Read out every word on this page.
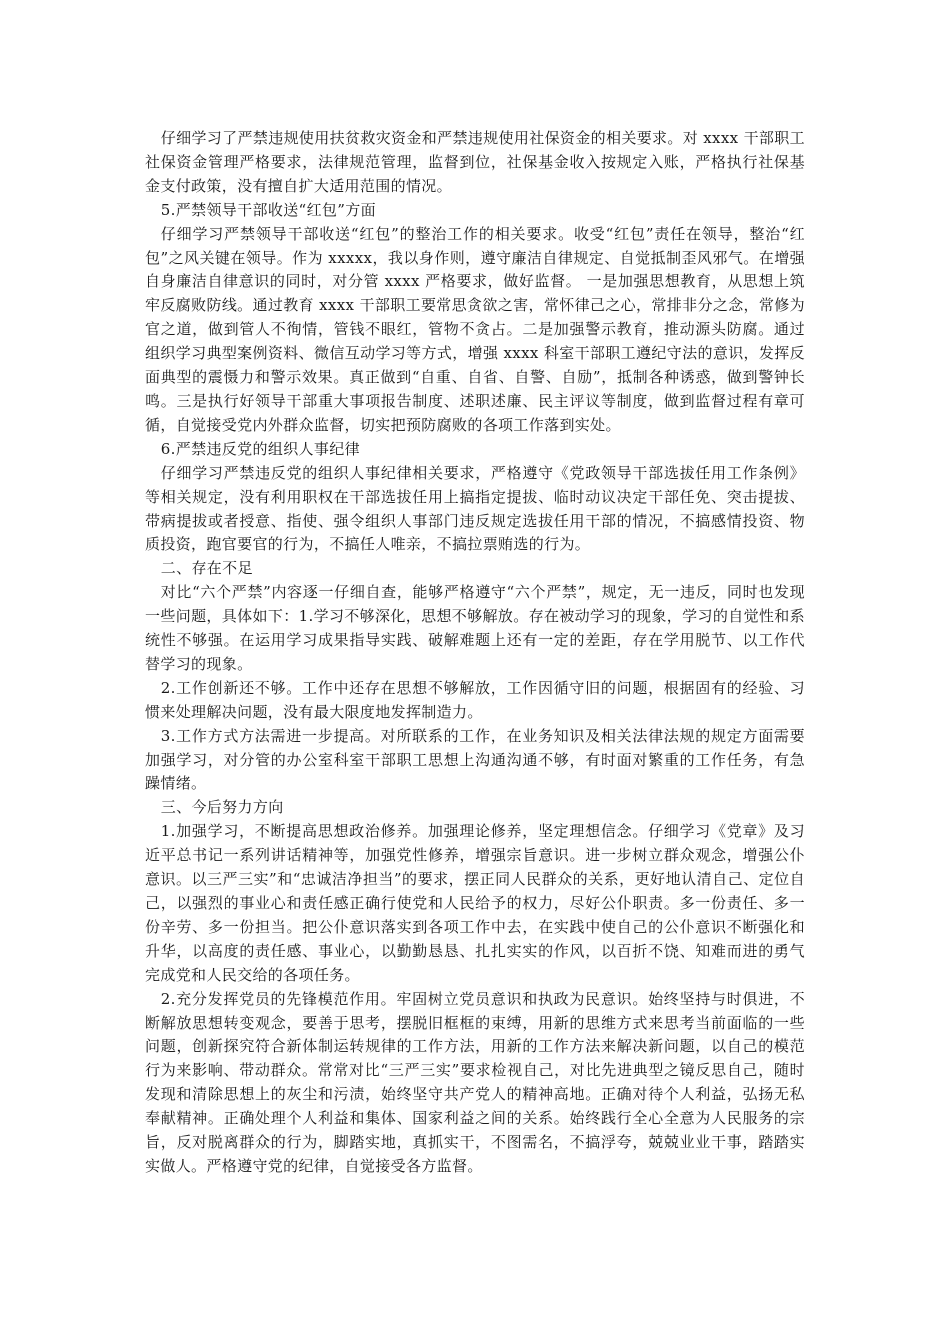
仔细学习了严禁违规使用扶贫救灾资金和严禁违规使用社保资金的相关要求。对 xxxx 干部职工社保资金管理严格要求，法律规范管理，监督到位，社保基金收入按规定入账，严格执行社保基金支付政策，没有擅自扩大适用范围的情况。

5.严禁领导干部收送“红包”方面

仔细学习严禁领导干部收送“红包”的整治工作的相关要求。收受“红包”责任在领导，整治“红包”之风关键在领导。作为 xxxxx，我以身作则，遵守廉洁自律规定、自觉抵制歪风邪气。在增强自身廉洁自律意识的同时，对分管 xxxx 严格要求，做好监督。 一是加强思想教育，从思想上筑牢反腐败防线。通过教育 xxxx 干部职工要常思贪欲之害，常怀律己之心，常排非分之念，常修为官之道，做到管人不徇情，管钱不眼红，管物不贪占。二是加强警示教育，推动源头防腐。通过组织学习典型案例资料、微信互动学习等方式，增强 xxxx 科室干部职工遵纪守法的意识，发挥反面典型的震慑力和警示效果。真正做到“自重、自省、自警、自励”，抵制各种诱惑，做到警钟长鸣。三是执行好领导干部重大事项报告制度、述职述廉、民主评议等制度，做到监督过程有章可循，自觉接受党内外群众监督，切实把预防腐败的各项工作落到实处。

6.严禁违反党的组织人事纪律

仔细学习严禁违反党的组织人事纪律相关要求，严格遵守《党政领导干部选拔任用工作条例》等相关规定，没有利用职权在干部选拔任用上搞指定提拔、临时动议决定干部任免、突击提拔、带病提拔或者授意、指使、强令组织人事部门违反规定选拔任用干部的情况，不搞感情投资、物质投资，跑官要官的行为，不搞任人唯亲，不搞拉票贿选的行为。

二、存在不足

对比“六个严禁”内容逐一仔细自查，能够严格遵守“六个严禁”，规定，无一违反，同时也发现一些问题，具体如下：1.学习不够深化，思想不够解放。存在被动学习的现象，学习的自觉性和系统性不够强。在运用学习成果指导实践、破解难题上还有一定的差距，存在学用脱节、以工作代替学习的现象。

2.工作创新还不够。工作中还存在思想不够解放，工作因循守旧的问题，根据固有的经验、习惯来处理解决问题，没有最大限度地发挥制造力。

3.工作方式方法需进一步提高。对所联系的工作，在业务知识及相关法律法规的规定方面需要加强学习，对分管的办公室科室干部职工思想上沟通沟通不够，有时面对繁重的工作任务，有急躁情绪。

三、今后努力方向

1.加强学习，不断提高思想政治修养。加强理论修养，坚定理想信念。仔细学习《党章》及习近平总书记一系列讲话精神等，加强党性修养，增强宗旨意识。进一步树立群众观念，增强公仆意识。以三严三实”和“忠诚洁净担当”的要求，摆正同人民群众的关系，更好地认清自己、定位自己，以强烈的事业心和责任感正确行使党和人民给予的权力，尽好公仆职责。多一份责任、多一份辛劳、多一份担当。把公仆意识落实到各项工作中去，在实践中使自己的公仆意识不断强化和升华，以高度的责任感、事业心，以勤勤恳恳、扎扎实实的作风，以百折不饶、知难而进的勇气完成党和人民交给的各项任务。

2.充分发挥党员的先锋模范作用。牢固树立党员意识和执政为民意识。始终坚持与时俱进，不断解放思想转变观念，要善于思考，摆脱旧框框的束缚，用新的思维方式来思考当前面临的一些问题，创新探究符合新体制运转规律的工作方法，用新的工作方法来解决新问题，以自己的模范行为来影响、带动群众。常常对比“三严三实”要求检视自己，对比先进典型之镜反思自己，随时发现和清除思想上的灰尘和污渍，始终坚守共产党人的精神高地。正确对待个人利益，弘扬无私奉献精神。正确处理个人利益和集体、国家利益之间的关系。始终践行全心全意为人民服务的宗旨，反对脱离群众的行为，脚踏实地，真抓实干，不图需名，不搞浮夸，兢兢业业干事，踏踏实实做人。严格遵守党的纪律，自觉接受各方监督。
